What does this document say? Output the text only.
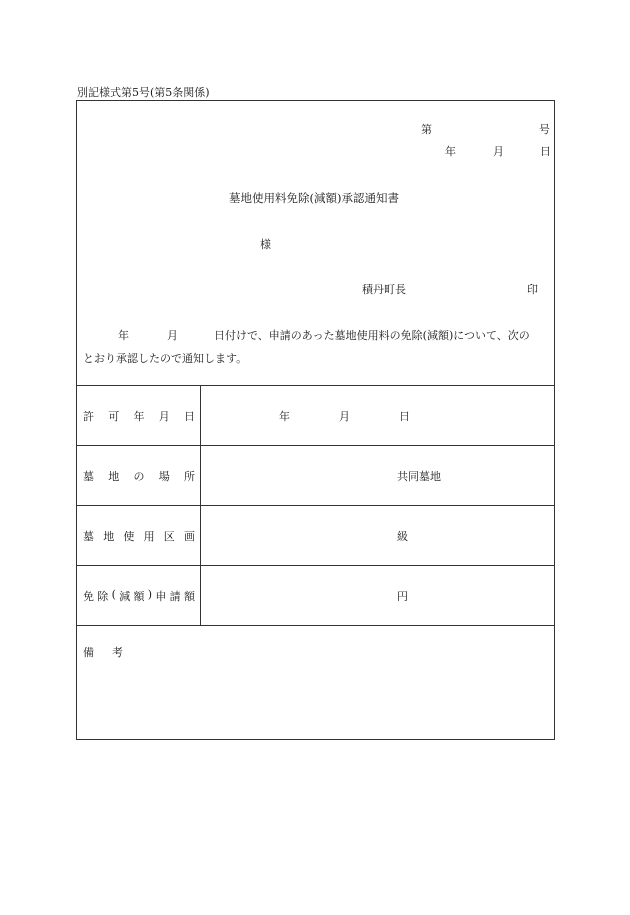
別記様式第5号(第5条関係)
第	号
年	月	日
墓地使用料免除(減額)承認通知書
様
積丹町長	印
年	月	日付けで、申請のあった墓地使用料の免除(減額)について、次の
とおり承認したので通知します。
許 可 年 月 日	年	月	日
墓 地 の 場 所	共同墓地
墓 地 使 用 区 画	級
免 除 ( 減 額 ) 申 請 額	円
備 考
